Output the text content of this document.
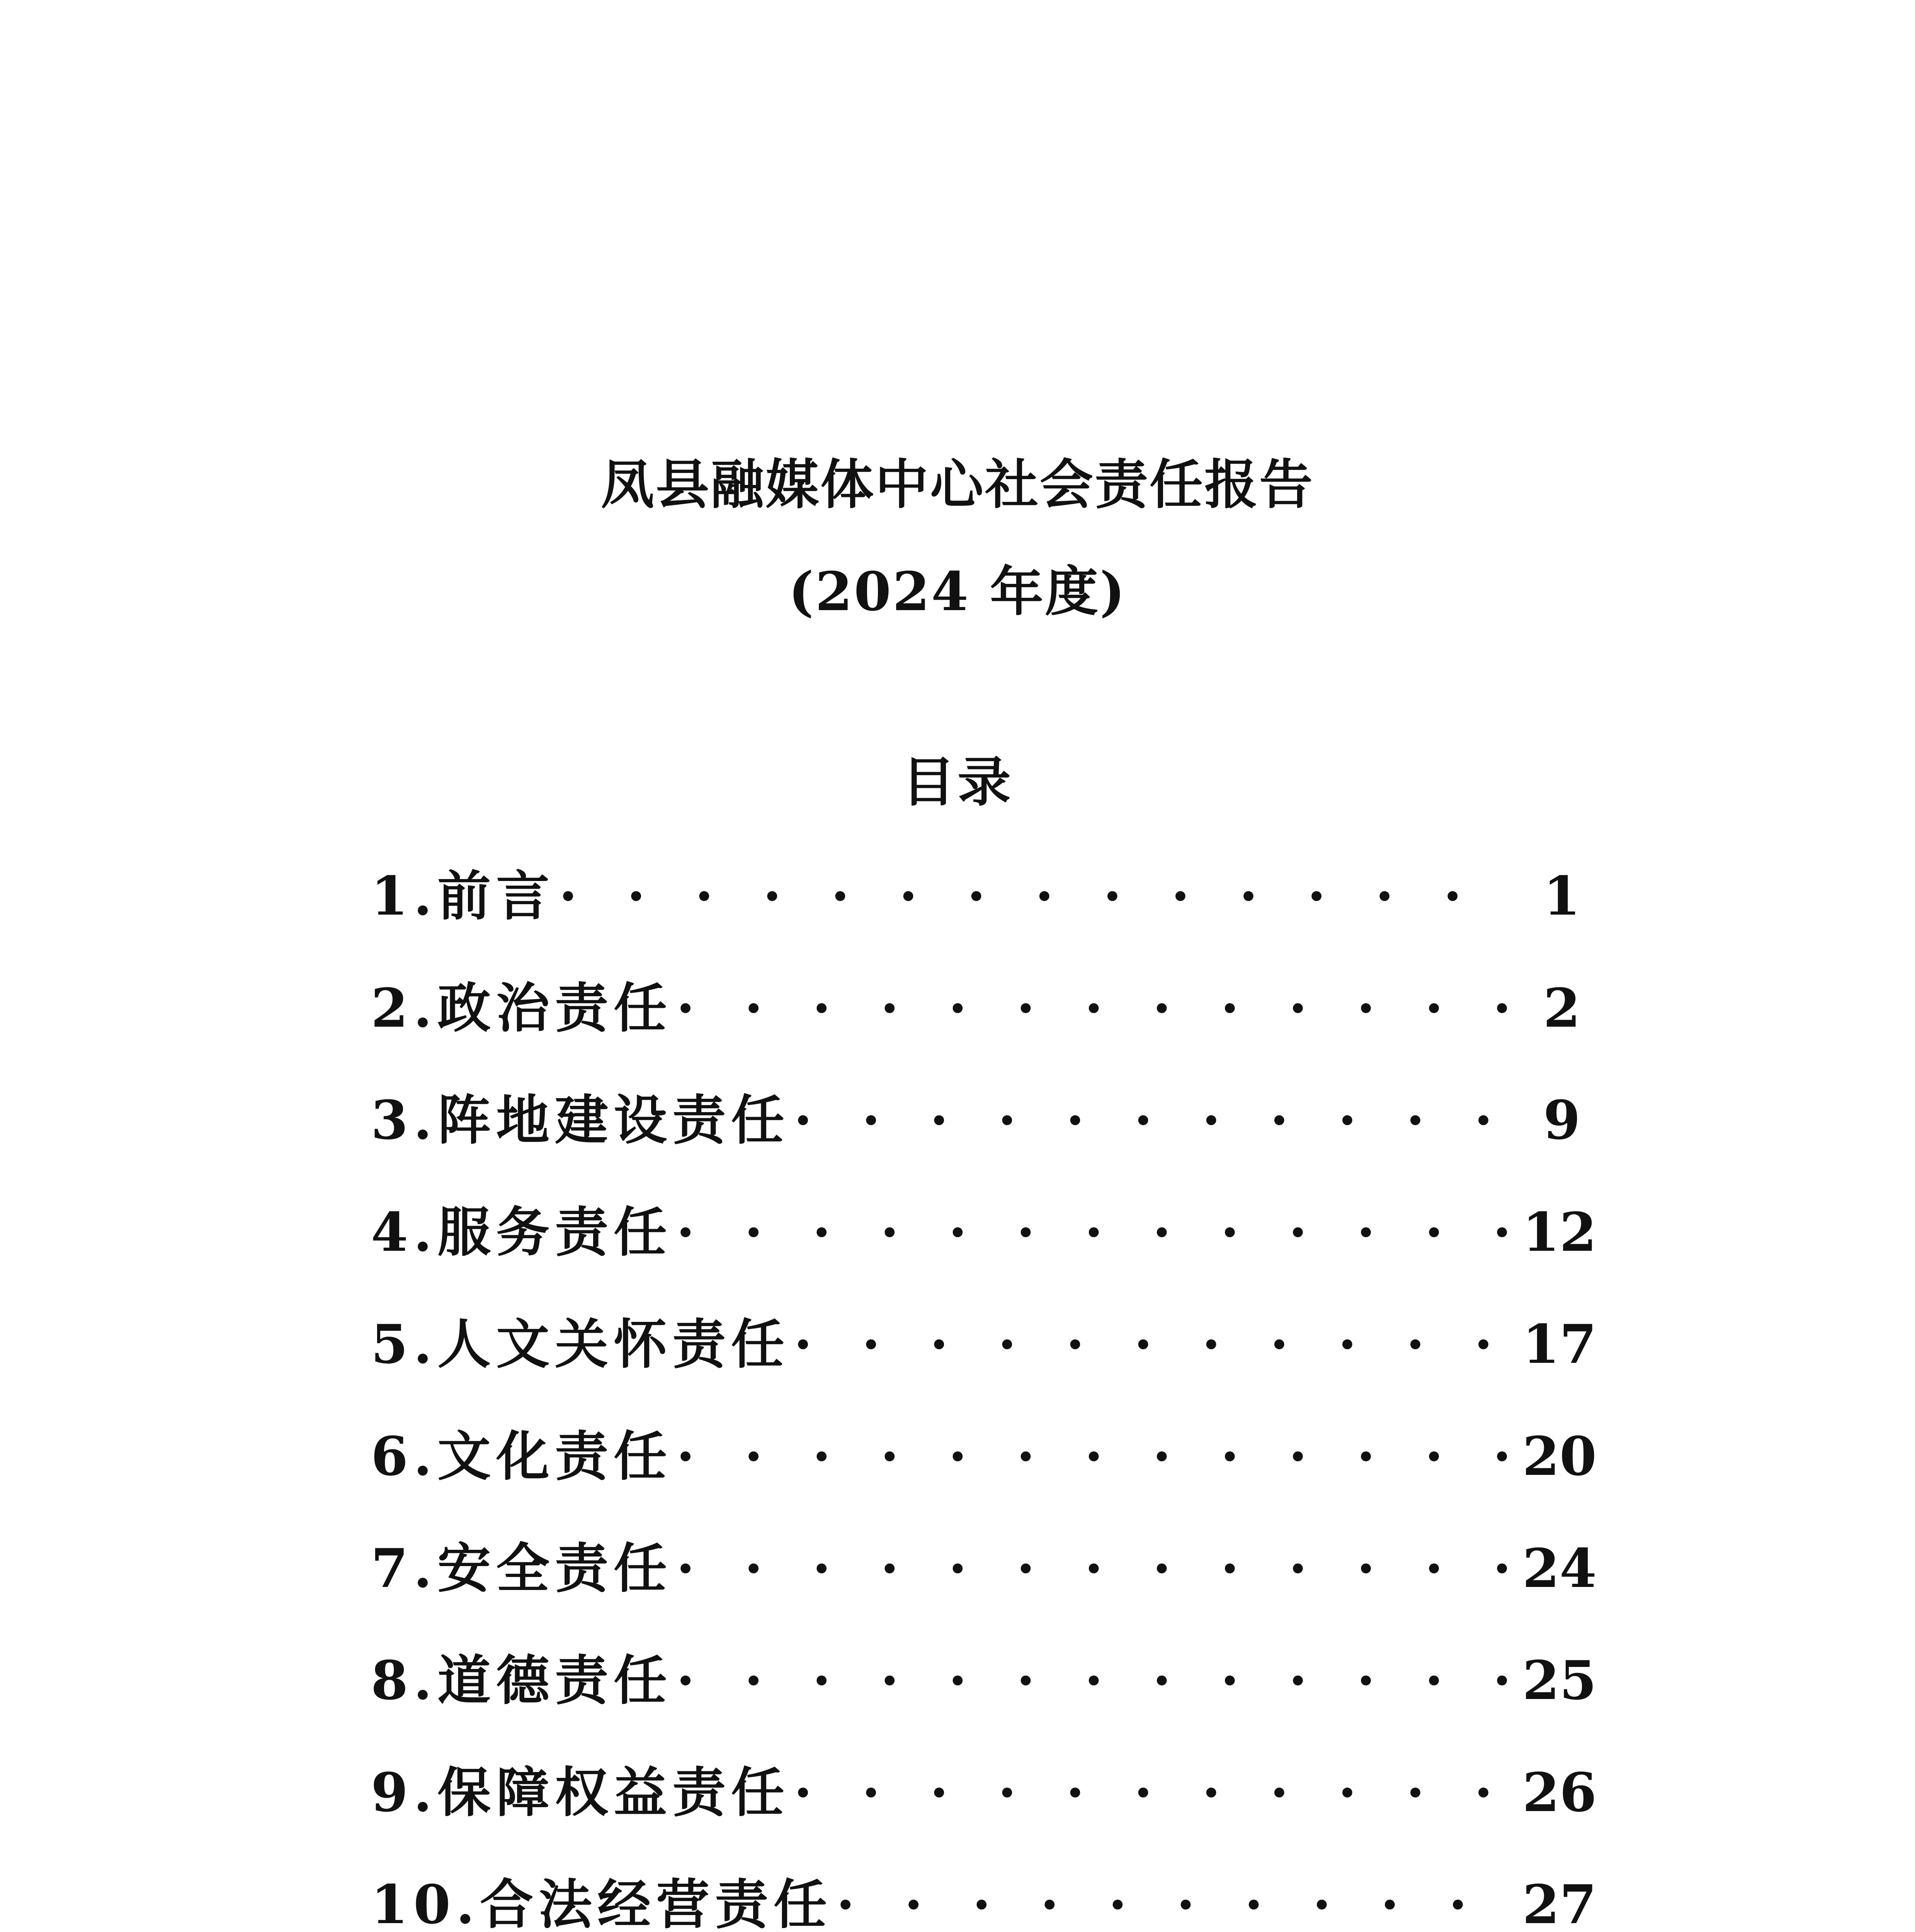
凤县融媒体中心社会责任报告
(2024 年度)
目录
1.前言 · · ·	1
2.政治责任 · · ·	2
3.阵地建设责任 · · ·	9
4.服务责任 · · ·	12
5.人文关怀责任 · · ·	17
6.文化责任 · · ·	20
7.安全责任 · · ·	24
8.道德责任 · · ·	25
9.保障权益责任 · · ·	26
10.合法经营责任 · · ·	27
